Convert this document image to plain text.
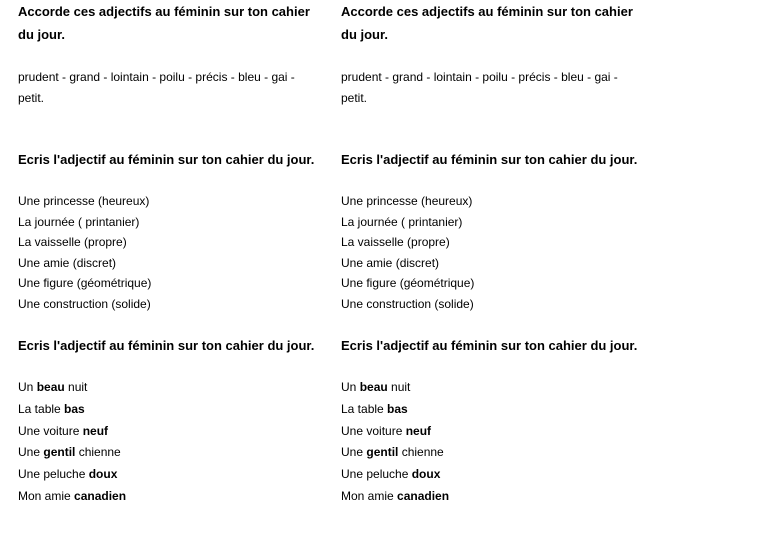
Accorde ces adjectifs au féminin sur ton cahier du jour.
prudent - grand - lointain - poilu - précis - bleu - gai - petit.
Ecris l'adjectif au féminin sur ton cahier du jour.
Une princesse (heureux)
La journée ( printanier)
La vaisselle (propre)
Une amie (discret)
Une figure (géométrique)
Une construction (solide)
Ecris l'adjectif au féminin sur ton cahier du jour.
Un beau nuit
La table bas
Une voiture neuf
Une gentil chienne
Une peluche doux
Mon amie canadien
Accorde ces adjectifs au féminin sur ton cahier du jour.
prudent - grand - lointain - poilu - précis - bleu - gai - petit.
Ecris l'adjectif au féminin sur ton cahier du jour.
Une princesse (heureux)
La journée ( printanier)
La vaisselle (propre)
Une amie (discret)
Une figure (géométrique)
Une construction (solide)
Ecris l'adjectif au féminin sur ton cahier du jour.
Un beau nuit
La table bas
Une voiture neuf
Une gentil chienne
Une peluche doux
Mon amie canadien
